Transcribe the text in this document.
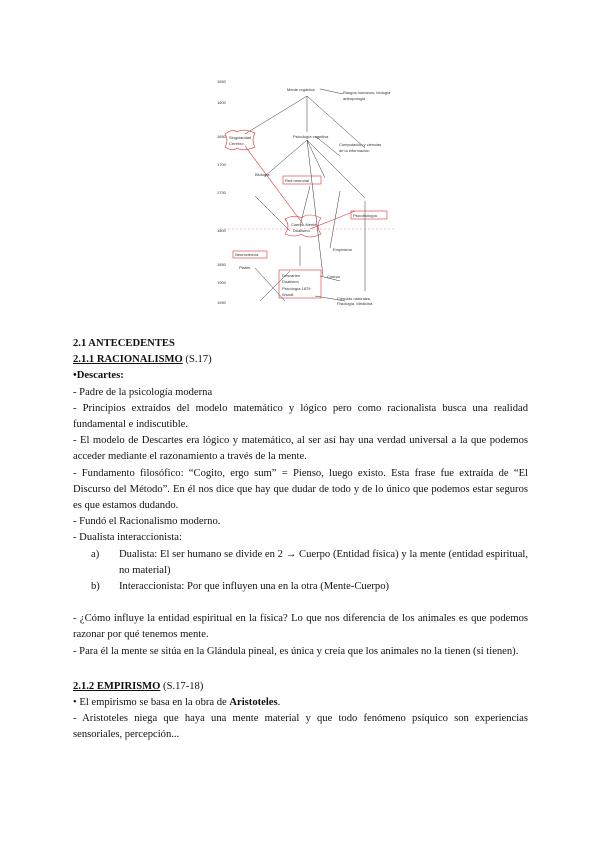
1550
1600
1650
1700
1750
1800
1850
1900
1950
Mente orgánica
Rasgos humanos, biología
antropología
Psicología cognitiva
Singularidad
Cerebro	Computación y ciencias
de la información
Biología
Red neuronal
Psicobiología
Cuerpo-Mente
Dualismo
Neurociencia
Empirismo
Platón
Descartes
Dualismo
Psicología 1879
Wundt
Cuerpo
Ciencias naturales,
Fisiología, Medicina

2.1 ANTECEDENTES

2.1.1 RACIONALISMO (S.17)

•Descartes:

- Padre de la psicología moderna

- Principios extraídos del modelo matemático y lógico pero como racionalista busca una realidad fundamental e indiscutible.

- El modelo de Descartes era lógico y matemático, al ser así hay una verdad universal a la que podemos acceder mediante el razonamiento a través de la mente.

- Fundamento filosófico: “Cogito, ergo sum” = Pienso, luego existo. Esta frase fue extraída de “El Discurso del Método”. En él nos dice que hay que dudar de todo y de lo único que podemos estar seguros es que estamos dudando.

- Fundó el Racionalismo moderno.

- Dualista interaccionista:

a)	Dualista: El ser humano se divide en 2 → Cuerpo (Entidad física) y la mente (entidad espiritual, no material)
b)	Interaccionista: Por que influyen una en la otra (Mente-Cuerpo)

- ¿Cómo influye la entidad espiritual en la física? Lo que nos diferencia de los animales es que podemos razonar por qué tenemos mente.

- Para él la mente se sitúa en la Glándula pineal, es única y creía que los animales no la tienen (si tienen).

2.1.2 EMPIRISMO (S.17-18)

• El empirismo se basa en la obra de Aristoteles.

- Aristoteles niega que haya una mente material y que todo fenómeno psíquico son experiencias sensoriales, percepción...
